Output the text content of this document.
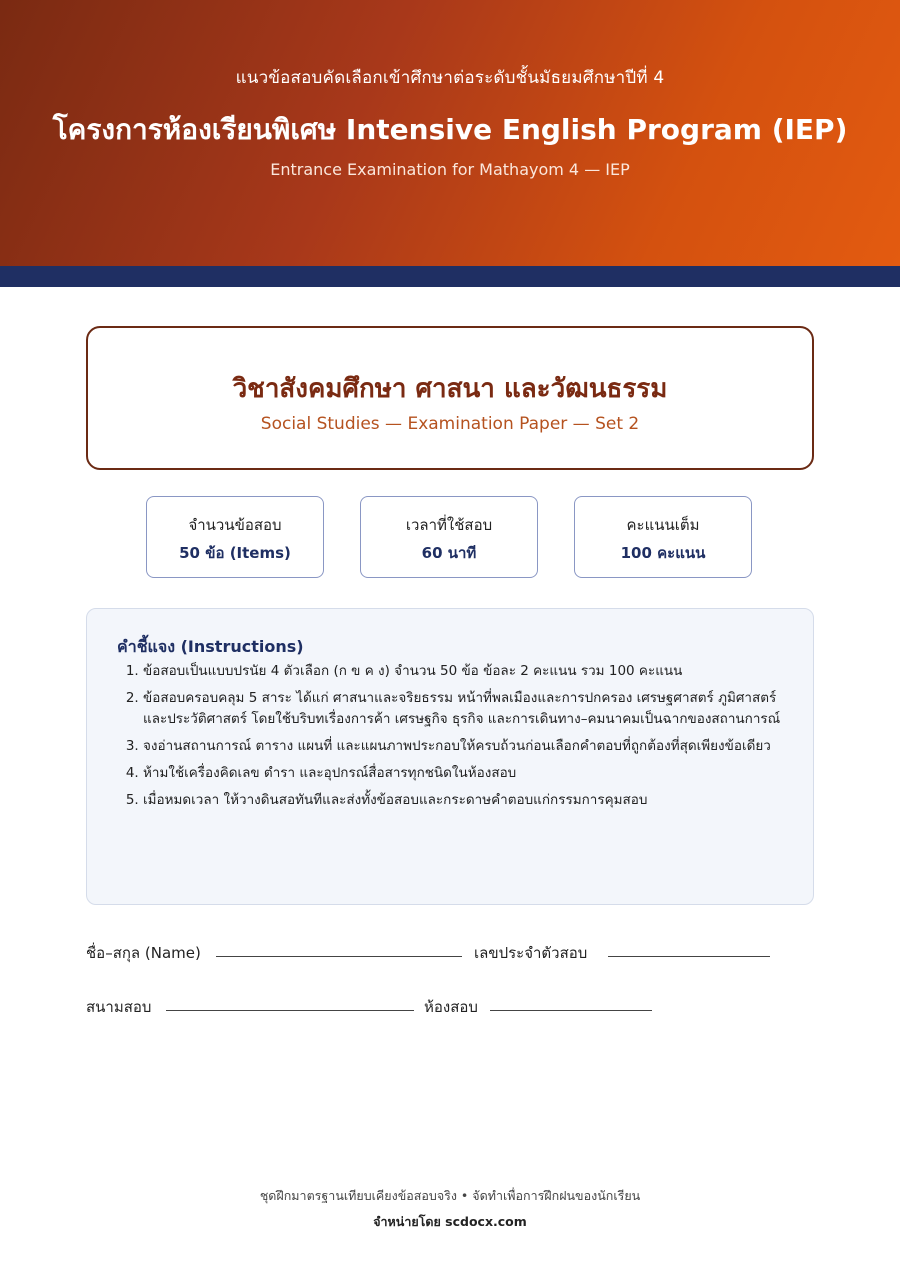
แนวข้อสอบคัดเลือกเข้าศึกษาต่อระดับชั้นมัธยมศึกษาปีที่ 4
โครงการห้องเรียนพิเศษ Intensive English Program (IEP)
Entrance Examination for Mathayom 4 — IEP
วิชาสังคมศึกษา ศาสนา และวัฒนธรรม
Social Studies — Examination Paper — Set 2
จำนวนข้อสอบ
50 ข้อ (Items)
เวลาที่ใช้สอบ
60 นาที
คะแนนเต็ม
100 คะแนน
คำชี้แจง (Instructions)
1. ข้อสอบเป็นแบบปรนัย 4 ตัวเลือก (ก ข ค ง) จำนวน 50 ข้อ ข้อละ 2 คะแนน รวม 100 คะแนน
2. ข้อสอบครอบคลุม 5 สาระ ได้แก่ ศาสนาและจริยธรรม หน้าที่พลเมืองและการปกครอง เศรษฐศาสตร์ ภูมิศาสตร์ และประวัติศาสตร์ โดยใช้บริบทเรื่องการค้า เศรษฐกิจ ธุรกิจ และการเดินทาง–คมนาคมเป็นฉากของสถานการณ์
3. จงอ่านสถานการณ์ ตาราง แผนที่ และแผนภาพประกอบให้ครบถ้วนก่อนเลือกคำตอบที่ถูกต้องที่สุดเพียงข้อเดียว
4. ห้ามใช้เครื่องคิดเลข ตำรา และอุปกรณ์สื่อสารทุกชนิดในห้องสอบ
5. เมื่อหมดเวลา ให้วางดินสอทันทีและส่งทั้งข้อสอบและกระดาษคำตอบแก่กรรมการคุมสอบ
ชื่อ–สกุล (Name)	เลขประจำตัวสอบ
สนามสอบ	ห้องสอบ
ชุดฝึกมาตรฐานเทียบเคียงข้อสอบจริง • จัดทำเพื่อการฝึกฝนของนักเรียน
จำหน่ายโดย scdocx.com
